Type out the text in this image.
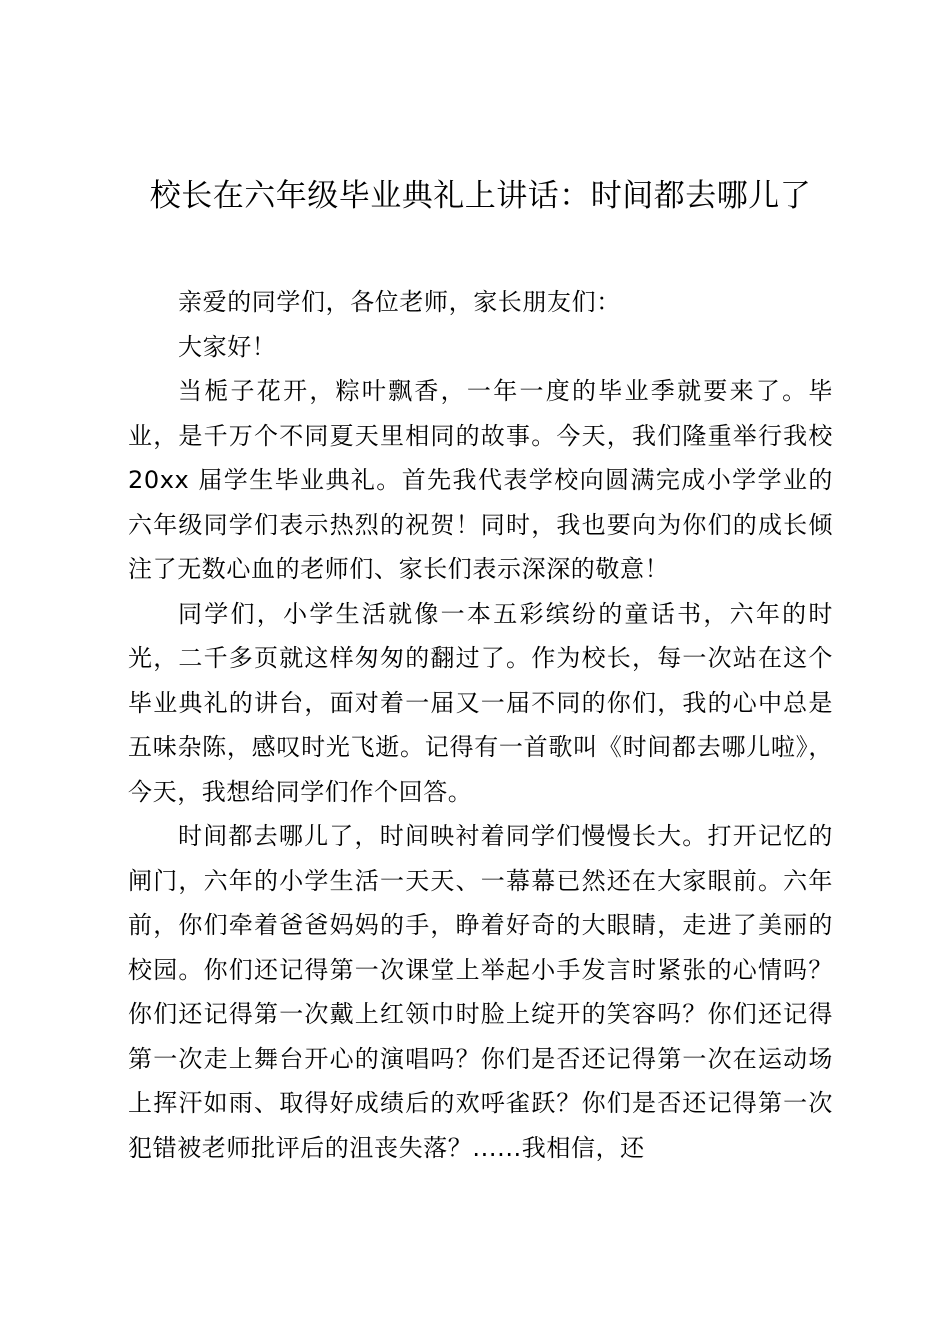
校长在六年级毕业典礼上讲话：时间都去哪儿了

亲爱的同学们，各位老师，家长朋友们：

大家好！

当栀子花开，粽叶飘香，一年一度的毕业季就要来了。毕业，是千万个不同夏天里相同的故事。今天，我们隆重举行我校 20xx 届学生毕业典礼。首先我代表学校向圆满完成小学学业的六年级同学们表示热烈的祝贺！同时，我也要向为你们的成长倾注了无数心血的老师们、家长们表示深深的敬意！

同学们，小学生活就像一本五彩缤纷的童话书，六年的时光，二千多页就这样匆匆的翻过了。作为校长，每一次站在这个毕业典礼的讲台，面对着一届又一届不同的你们，我的心中总是五味杂陈，感叹时光飞逝。记得有一首歌叫《时间都去哪儿啦》，今天，我想给同学们作个回答。

时间都去哪儿了，时间映衬着同学们慢慢长大。打开记忆的闸门，六年的小学生活一天天、一幕幕已然还在大家眼前。六年前，你们牵着爸爸妈妈的手，睁着好奇的大眼睛，走进了美丽的校园。你们还记得第一次课堂上举起小手发言时紧张的心情吗？你们还记得第一次戴上红领巾时脸上绽开的笑容吗？你们还记得第一次走上舞台开心的演唱吗？你们是否还记得第一次在运动场上挥汗如雨、取得好成绩后的欢呼雀跃？你们是否还记得第一次犯错被老师批评后的沮丧失落？......我相信，还
